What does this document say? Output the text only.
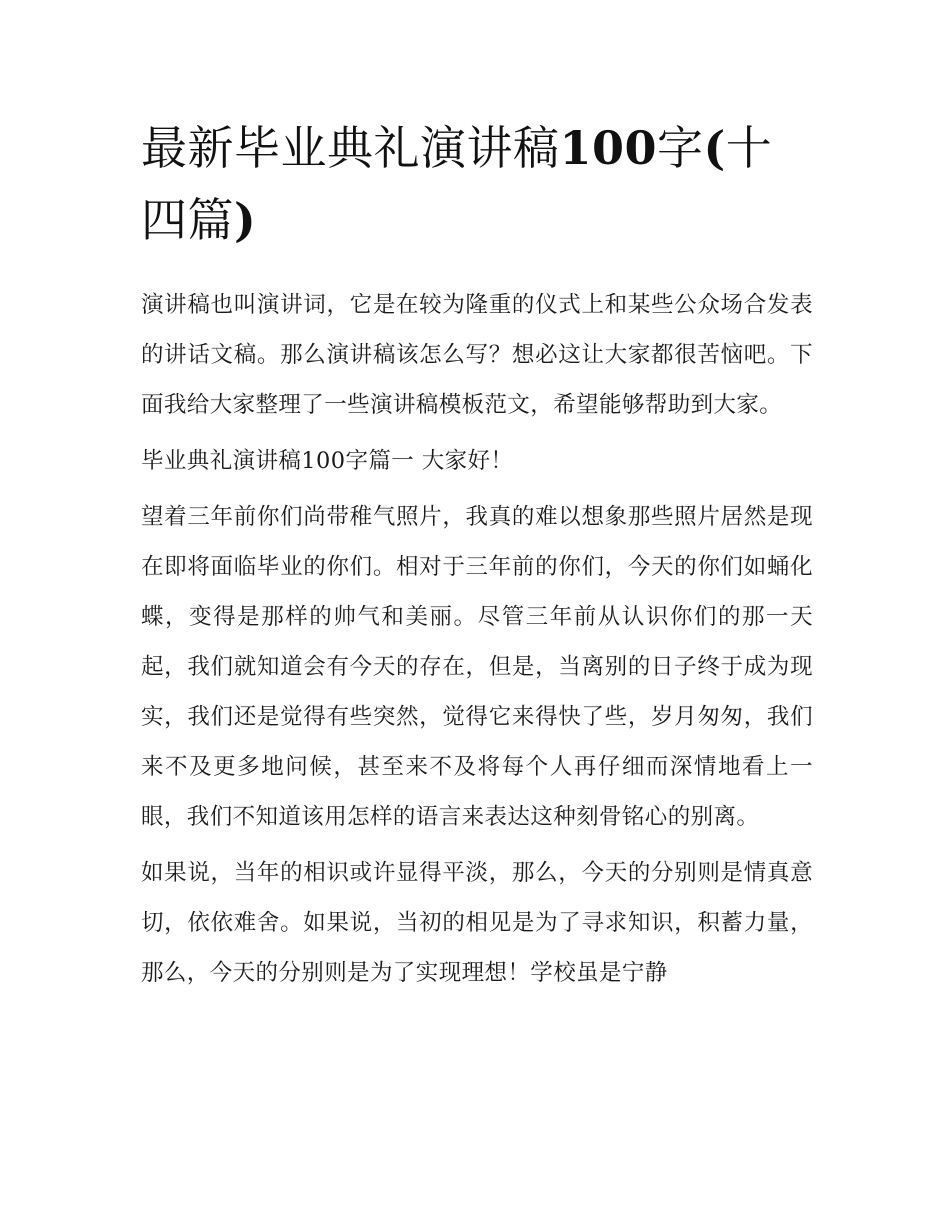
最新毕业典礼演讲稿100字(十四篇)

演讲稿也叫演讲词，它是在较为隆重的仪式上和某些公众场合发表的讲话文稿。那么演讲稿该怎么写？想必这让大家都很苦恼吧。下面我给大家整理了一些演讲稿模板范文，希望能够帮助到大家。

毕业典礼演讲稿100字篇一 大家好！

望着三年前你们尚带稚气照片，我真的难以想象那些照片居然是现在即将面临毕业的你们。相对于三年前的你们，今天的你们如蛹化蝶，变得是那样的帅气和美丽。尽管三年前从认识你们的那一天起，我们就知道会有今天的存在，但是，当离别的日子终于成为现实，我们还是觉得有些突然，觉得它来得快了些，岁月匆匆，我们来不及更多地问候，甚至来不及将每个人再仔细而深情地看上一眼，我们不知道该用怎样的语言来表达这种刻骨铭心的别离。

如果说，当年的相识或许显得平淡，那么，今天的分别则是情真意切，依依难舍。如果说，当初的相见是为了寻求知识，积蓄力量，那么，今天的分别则是为了实现理想！学校虽是宁静
